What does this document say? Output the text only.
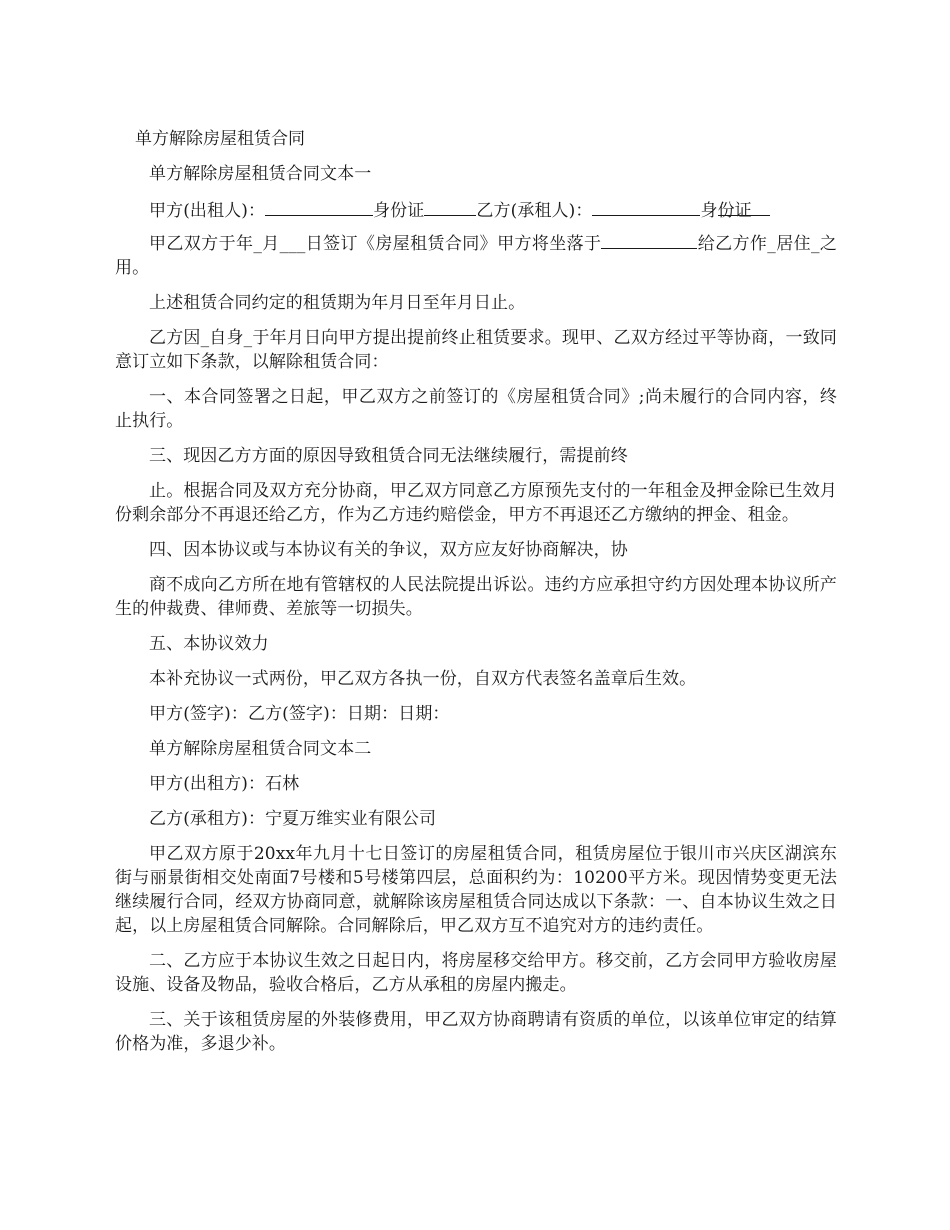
单方解除房屋租赁合同

单方解除房屋租赁合同文本一

甲方(出租人)：	身份证	乙方(承租人)：	身份证

甲乙双方于年_月___日签订《房屋租赁合同》甲方将坐落于	给乙方作_居住_之用。

上述租赁合同约定的租赁期为年月日至年月日止。

乙方因_自身_于年月日向甲方提出提前终止租赁要求。现甲、乙双方经过平等协商，一致同意订立如下条款，以解除租赁合同：

一、本合同签署之日起，甲乙双方之前签订的《房屋租赁合同》;尚未履行的合同内容，终止执行。

三、现因乙方方面的原因导致租赁合同无法继续履行，需提前终

止。根据合同及双方充分协商，甲乙双方同意乙方原预先支付的一年租金及押金除已生效月份剩余部分不再退还给乙方，作为乙方违约赔偿金，甲方不再退还乙方缴纳的押金、租金。

四、因本协议或与本协议有关的争议，双方应友好协商解决，协

商不成向乙方所在地有管辖权的人民法院提出诉讼。违约方应承担守约方因处理本协议所产生的仲裁费、律师费、差旅等一切损失。

五、本协议效力

本补充协议一式两份，甲乙双方各执一份，自双方代表签名盖章后生效。

甲方(签字)：乙方(签字)：日期：日期：

单方解除房屋租赁合同文本二

甲方(出租方)：石林

乙方(承租方)：宁夏万维实业有限公司

甲乙双方原于20xx年九月十七日签订的房屋租赁合同，租赁房屋位于银川市兴庆区湖滨东街与丽景街相交处南面7号楼和5号楼第四层，总面积约为：10200平方米。现因情势变更无法继续履行合同，经双方协商同意，就解除该房屋租赁合同达成以下条款：一、自本协议生效之日起，以上房屋租赁合同解除。合同解除后，甲乙双方互不追究对方的违约责任。

二、乙方应于本协议生效之日起日内，将房屋移交给甲方。移交前，乙方会同甲方验收房屋设施、设备及物品，验收合格后，乙方从承租的房屋内搬走。

三、关于该租赁房屋的外装修费用，甲乙双方协商聘请有资质的单位，以该单位审定的结算价格为准，多退少补。
